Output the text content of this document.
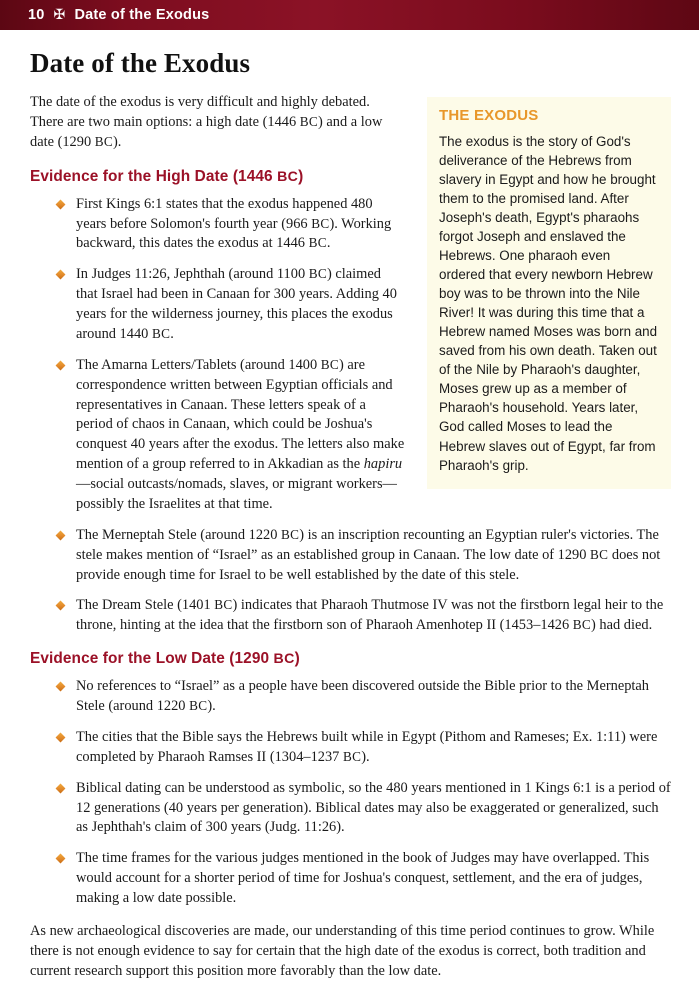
10 ✠ Date of the Exodus
Date of the Exodus
THE EXODUS
The exodus is the story of God's deliverance of the Hebrews from slavery in Egypt and how he brought them to the promised land. After Joseph's death, Egypt's pharaohs forgot Joseph and enslaved the Hebrews. One pharaoh even ordered that every newborn Hebrew boy was to be thrown into the Nile River! It was during this time that a Hebrew named Moses was born and saved from his own death. Taken out of the Nile by Pharaoh's daughter, Moses grew up as a member of Pharaoh's household. Years later, God called Moses to lead the Hebrew slaves out of Egypt, far from Pharaoh's grip.

The date of the exodus is very difficult and highly debated. There are two main options: a high date (1446 BC) and a low date (1290 BC).

Evidence for the High Date (1446 BC)
First Kings 6:1 states that the exodus happened 480 years before Solomon's fourth year (966 BC). Working backward, this dates the exodus at 1446 BC.
In Judges 11:26, Jephthah (around 1100 BC) claimed that Israel had been in Canaan for 300 years. Adding 40 years for the wilderness journey, this places the exodus around 1440 BC.
The Amarna Letters/Tablets (around 1400 BC) are correspondence written between Egyptian officials and representatives in Canaan. These letters speak of a period of chaos in Canaan, which could be Joshua's conquest 40 years after the exodus. The letters also make mention of a group referred to in Akkadian as the hapiru—social outcasts/nomads, slaves, or migrant workers—possibly the Israelites at that time.
The Merneptah Stele (around 1220 BC) is an inscription recounting an Egyptian ruler's victories. The stele makes mention of “Israel” as an established group in Canaan. The low date of 1290 BC does not provide enough time for Israel to be well established by the date of this stele.
The Dream Stele (1401 BC) indicates that Pharaoh Thutmose IV was not the firstborn legal heir to the throne, hinting at the idea that the firstborn son of Pharaoh Amenhotep II (1453–1426 BC) had died.
Evidence for the Low Date (1290 BC)
No references to “Israel” as a people have been discovered outside the Bible prior to the Merneptah Stele (around 1220 BC).
The cities that the Bible says the Hebrews built while in Egypt (Pithom and Rameses; Ex. 1:11) were completed by Pharaoh Ramses II (1304–1237 BC).
Biblical dating can be understood as symbolic, so the 480 years mentioned in 1 Kings 6:1 is a period of 12 generations (40 years per generation). Biblical dates may also be exaggerated or generalized, such as Jephthah's claim of 300 years (Judg. 11:26).
The time frames for the various judges mentioned in the book of Judges may have overlapped. This would account for a shorter period of time for Joshua's conquest, settlement, and the era of judges, making a low date possible.

As new archaeological discoveries are made, our understanding of this time period continues to grow. While there is not enough evidence to say for certain that the high date of the exodus is correct, both tradition and current research support this position more favorably than the low date.
